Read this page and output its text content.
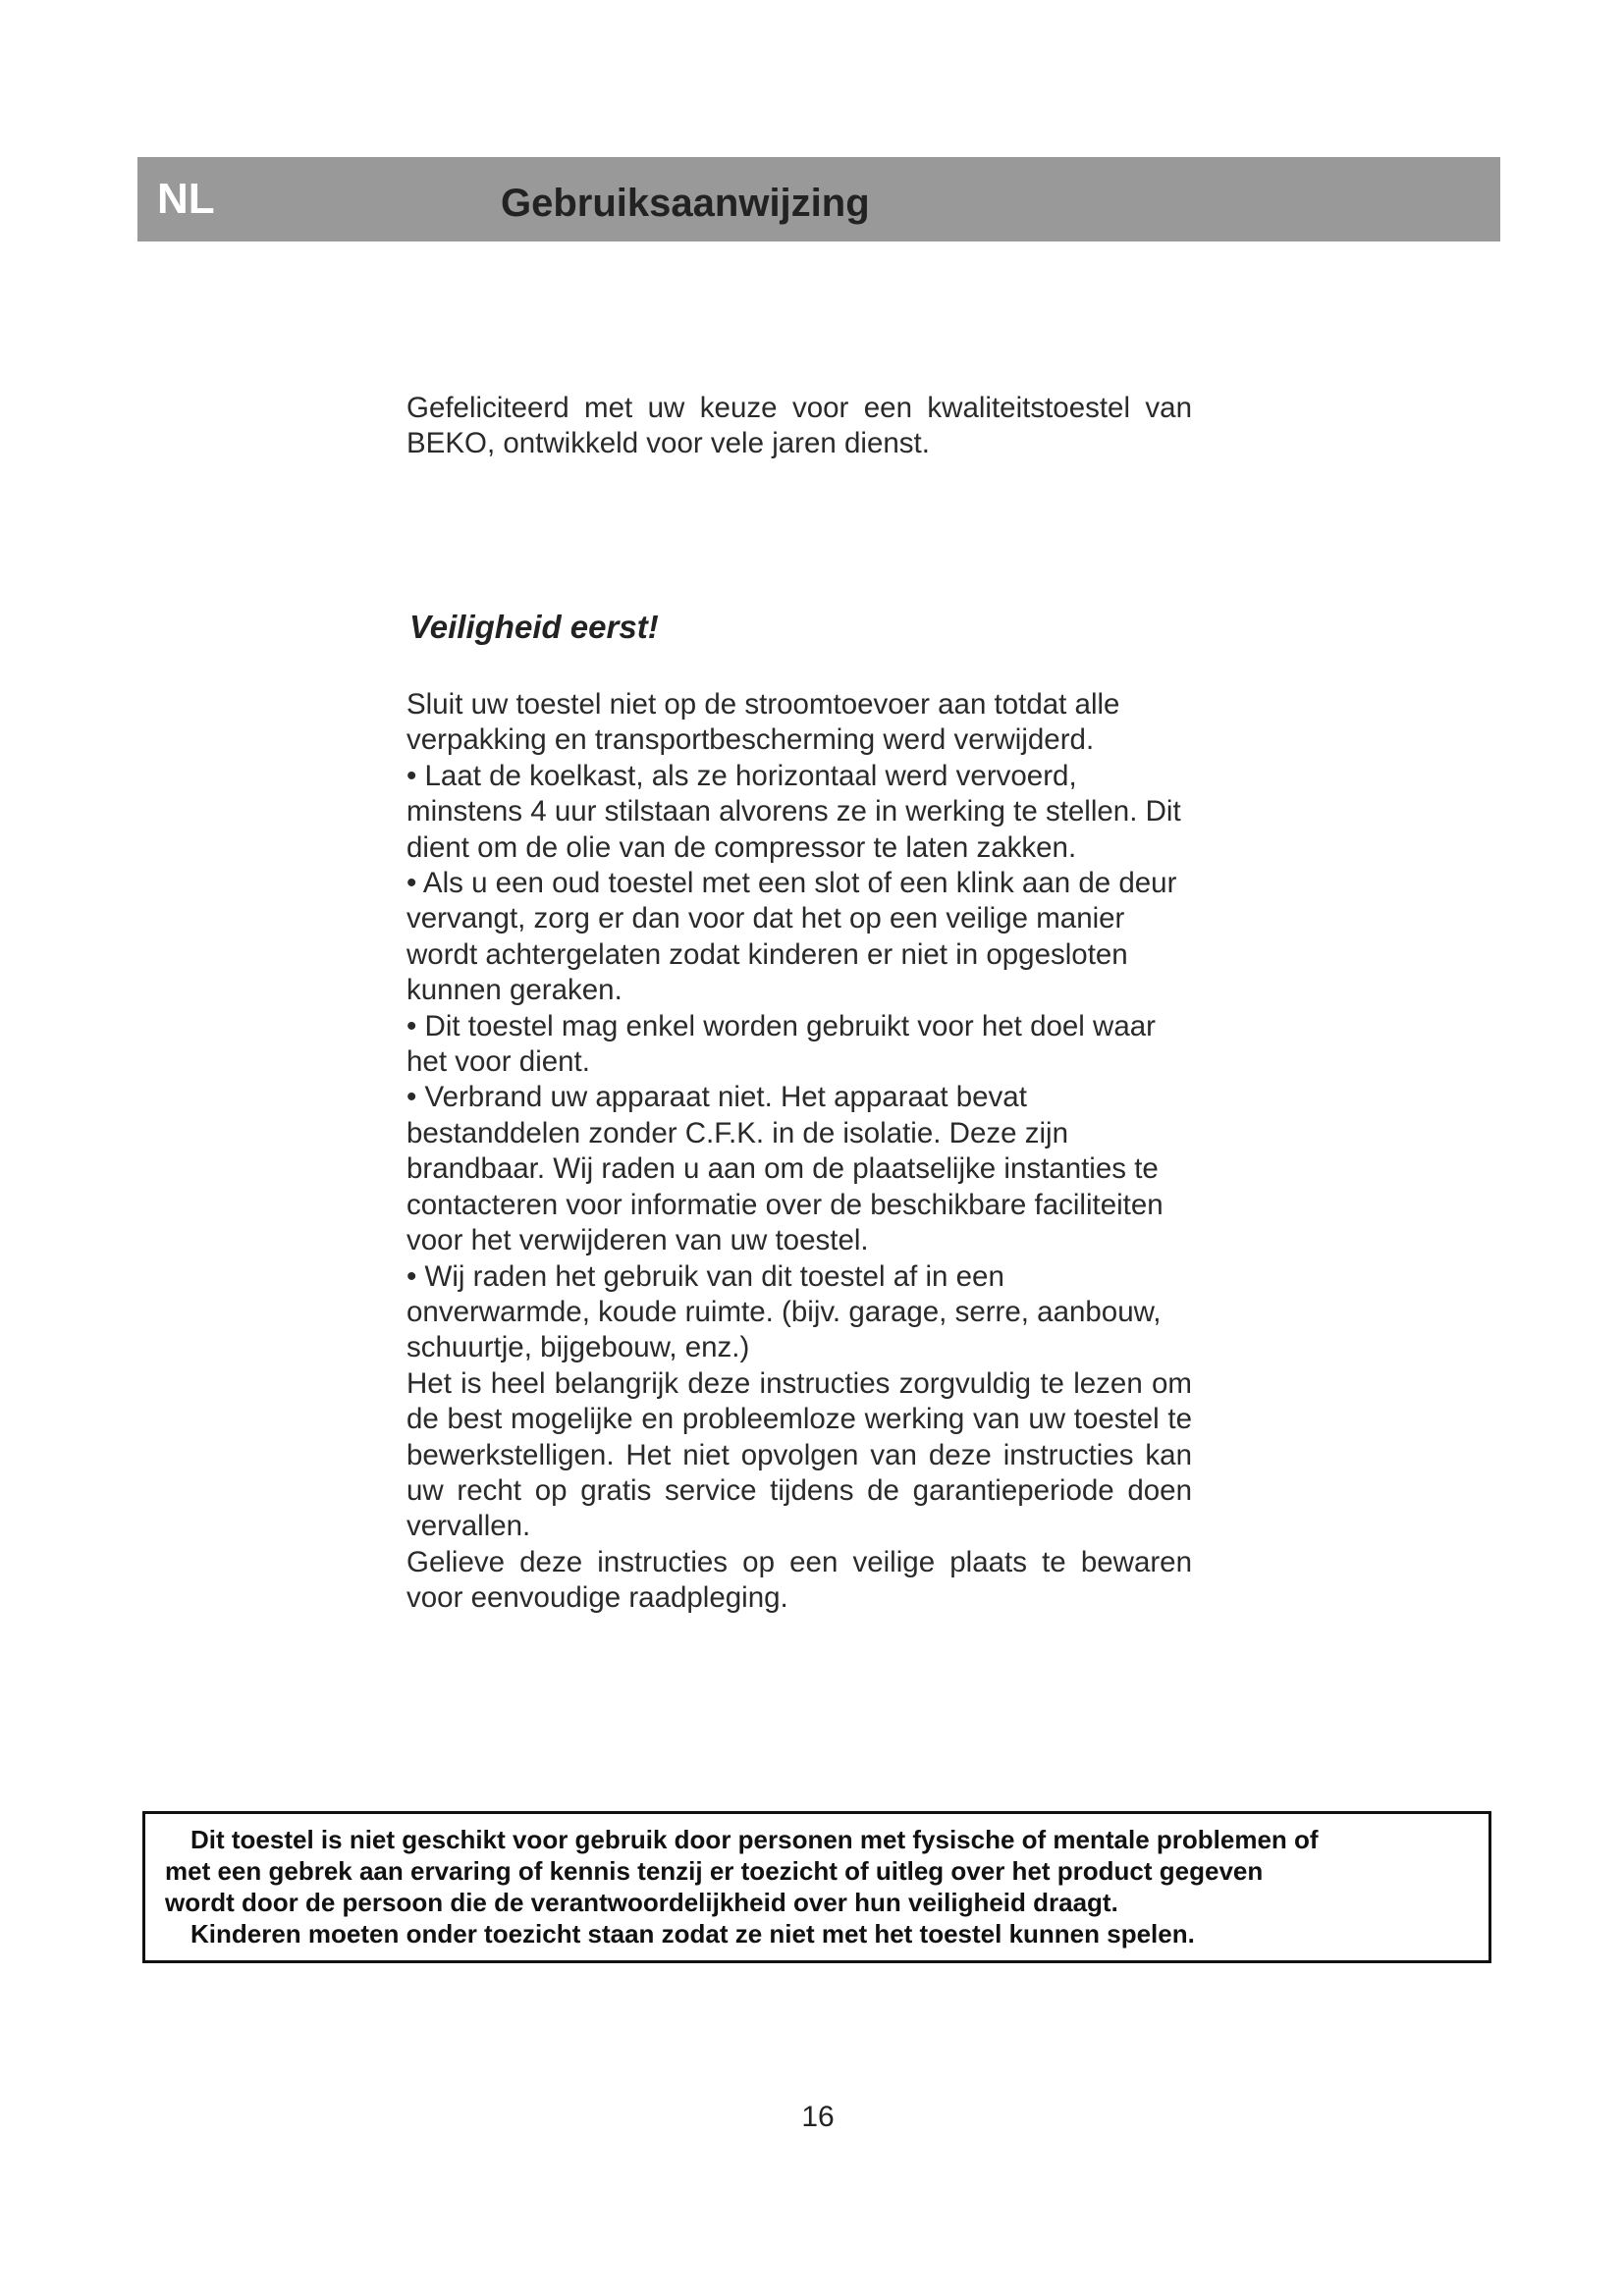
NL	Gebruiksaanwijzing
Gefeliciteerd met uw keuze voor een kwaliteitstoestel van BEKO, ontwikkeld voor vele jaren dienst.
Veiligheid eerst!

Sluit uw toestel niet op de stroomtoevoer aan totdat alle verpakking en transportbescherming werd verwijderd.

• Laat de koelkast, als ze horizontaal werd vervoerd, minstens 4 uur stilstaan alvorens ze in werking te stellen. Dit dient om de olie van de compressor te laten zakken.

• Als u een oud toestel met een slot of een klink aan de deur vervangt, zorg er dan voor dat het op een veilige manier wordt achtergelaten zodat kinderen er niet in opgesloten kunnen geraken.

• Dit toestel mag enkel worden gebruikt voor het doel waar het voor dient.

• Verbrand uw apparaat niet. Het apparaat bevat bestanddelen zonder C.F.K. in de isolatie. Deze zijn brandbaar. Wij raden u aan om de plaatselijke instanties te contacteren voor informatie over de beschikbare faciliteiten voor het verwijderen van uw toestel.

• Wij raden het gebruik van dit toestel af in een onverwarmde, koude ruimte. (bijv. garage, serre, aanbouw, schuurtje, bijgebouw, enz.)

Het is heel belangrijk deze instructies zorgvuldig te lezen om de best mogelijke en probleemloze werking van uw toestel te bewerkstelligen. Het niet opvolgen van deze instructies kan uw recht op gratis service tijdens de garantieperiode doen vervallen.

Gelieve deze instructies op een veilige plaats te bewaren voor eenvoudige raadpleging.

Dit toestel is niet geschikt voor gebruik door personen met fysische of mentale problemen of

met een gebrek aan ervaring of kennis tenzij er toezicht of uitleg over het product gegeven

wordt door de persoon die de verantwoordelijkheid over hun veiligheid draagt.

Kinderen moeten onder toezicht staan zodat ze niet met het toestel kunnen spelen.

16
